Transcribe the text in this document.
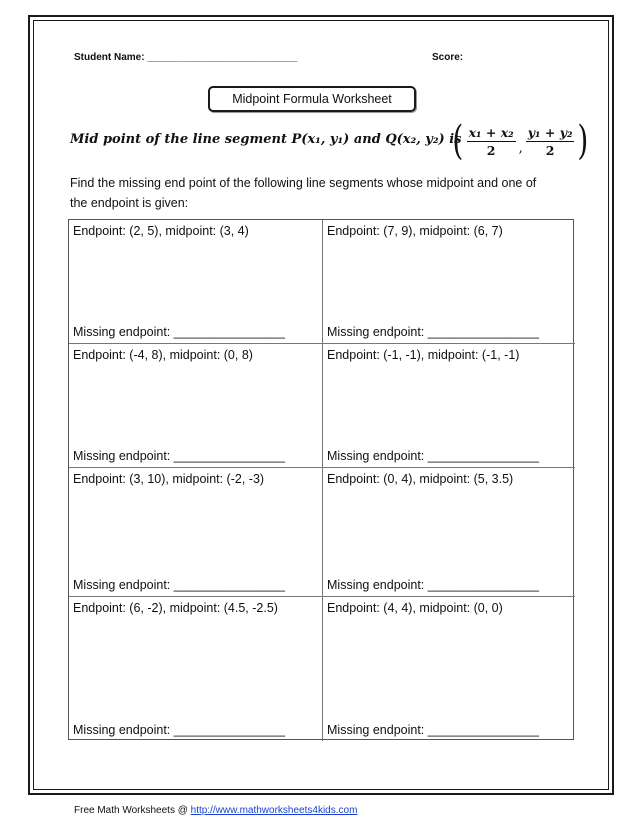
Student Name: ___________________________	Score:
Midpoint Formula Worksheet
Mid point of the line segment P(x₁, y₁) and Q(x₂, y₂) is
( $\frac{\text{x₁ + x₂}}{2}$ , $\frac{\text{y₁ + y₂}}{2}$ )
Find the missing end point of the following line segments whose midpoint and one of the endpoint is given:
Endpoint: (2, 5), midpoint: (3, 4)
Missing endpoint: ________________
Endpoint: (7, 9), midpoint: (6, 7)
Missing endpoint: ________________
Endpoint: (-4, 8), midpoint: (0, 8)
Missing endpoint: ________________
Endpoint: (-1, -1), midpoint: (-1, -1)
Missing endpoint: ________________
Endpoint: (3, 10), midpoint: (-2, -3)
Missing endpoint: ________________
Endpoint: (0, 4), midpoint: (5, 3.5)
Missing endpoint: ________________
Endpoint: (6, -2), midpoint: (4.5, -2.5)
Missing endpoint: ________________
Endpoint: (4, 4), midpoint: (0, 0)
Missing endpoint: ________________
Free Math Worksheets @ http://www.mathworksheets4kids.com
